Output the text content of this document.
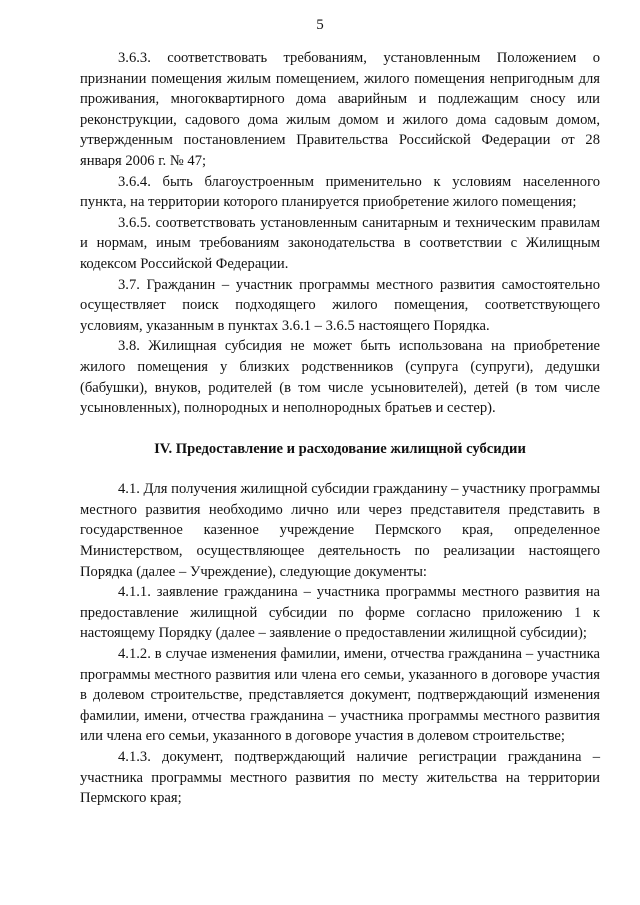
5

3.6.3. соответствовать требованиям, установленным Положением о признании помещения жилым помещением, жилого помещения непригодным для проживания, многоквартирного дома аварийным и подлежащим сносу или реконструкции, садового дома жилым домом и жилого дома садовым домом, утвержденным постановлением Правительства Российской Федерации от 28 января 2006 г. № 47;

3.6.4. быть благоустроенным применительно к условиям населенного пункта, на территории которого планируется приобретение жилого помещения;

3.6.5. соответствовать установленным санитарным и техническим правилам и нормам, иным требованиям законодательства в соответствии с Жилищным кодексом Российской Федерации.

3.7. Гражданин – участник программы местного развития самостоятельно осуществляет поиск подходящего жилого помещения, соответствующего условиям, указанным в пунктах 3.6.1 – 3.6.5 настоящего Порядка.

3.8. Жилищная субсидия не может быть использована на приобретение жилого помещения у близких родственников (супруга (супруги), дедушки (бабушки), внуков, родителей (в том числе усыновителей), детей (в том числе усыновленных), полнородных и неполнородных братьев и сестер).

IV. Предоставление и расходование жилищной субсидии

4.1. Для получения жилищной субсидии гражданину – участнику программы местного развития необходимо лично или через представителя представить в государственное казенное учреждение Пермского края, определенное Министерством, осуществляющее деятельность по реализации настоящего Порядка (далее – Учреждение), следующие документы:

4.1.1. заявление гражданина – участника программы местного развития на предоставление жилищной субсидии по форме согласно приложению 1 к настоящему Порядку (далее – заявление о предоставлении жилищной субсидии);

4.1.2. в случае изменения фамилии, имени, отчества гражданина – участника программы местного развития или члена его семьи, указанного в договоре участия в долевом строительстве, представляется документ, подтверждающий изменения фамилии, имени, отчества гражданина – участника программы местного развития или члена его семьи, указанного в договоре участия в долевом строительстве;

4.1.3. документ, подтверждающий наличие регистрации гражданина – участника программы местного развития по месту жительства на территории Пермского края;
